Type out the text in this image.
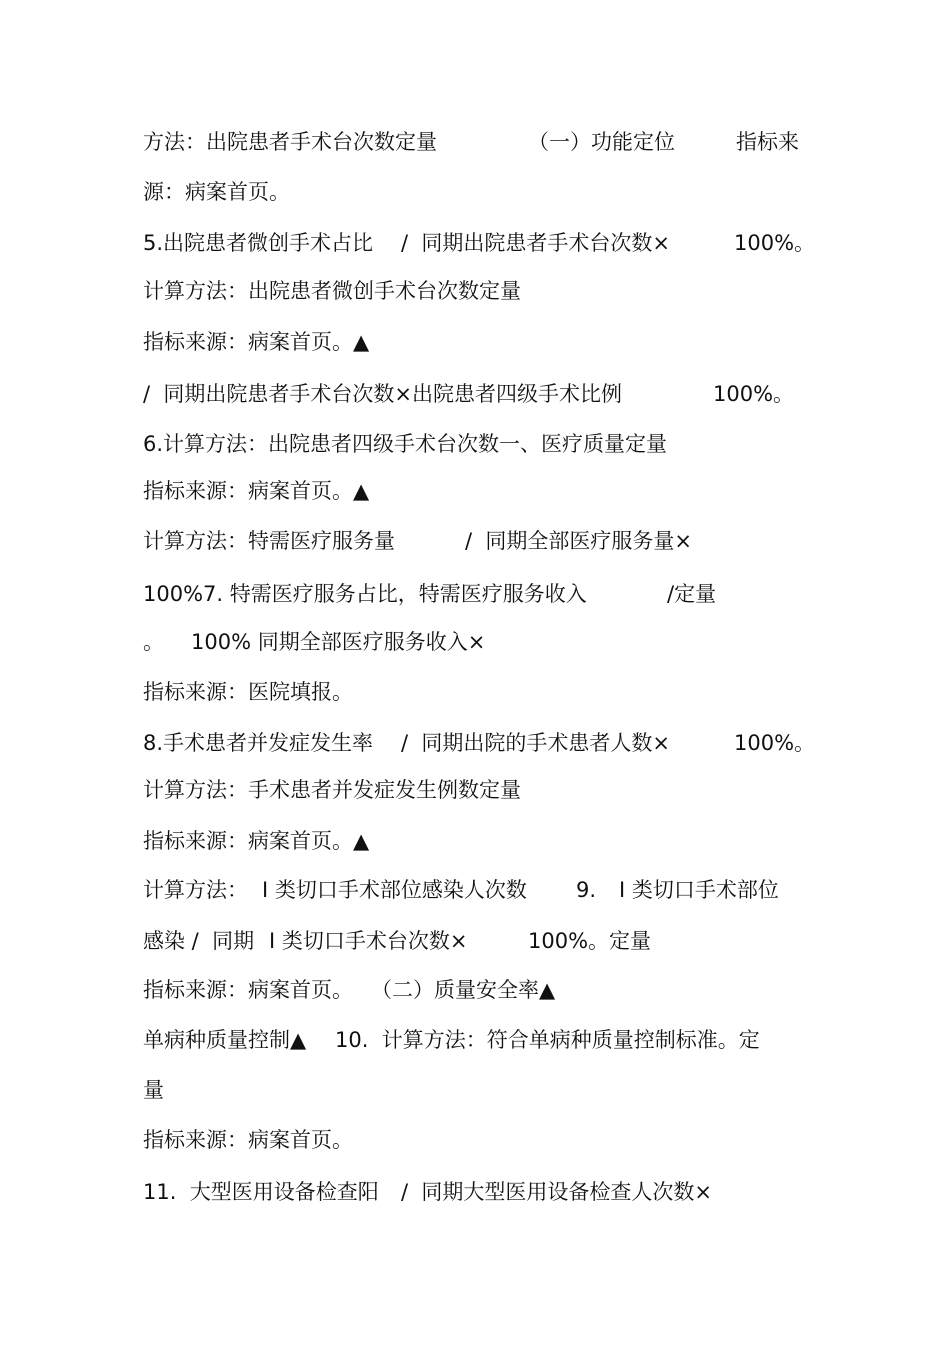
方法：出院患者手术台次数定量

	（一）功能定位

	指标来

源：病案首页。

5.出院患者微创手术占比

/  同期出院患者手术台次数×

	100%。

计算方法：出院患者微创手术台次数定量

指标来源：病案首页。▲

/  同期出院患者手术台次数×出院患者四级手术比例

	100%。

6.计算方法：出院患者四级手术台次数一、医疗质量定量

指标来源：病案首页。▲

计算方法：特需医疗服务量

	/  同期全部医疗服务量×

100%7. 特需医疗服务占比，特需医疗服务收入

	/定量

。

100% 同期全部医疗服务收入×

指标来源：医院填报。

8.手术患者并发症发生率

/  同期出院的手术患者人数×

	100%。

计算方法：手术患者并发症发生例数定量

指标来源：病案首页。▲

计算方法：

Ⅰ 类切口手术部位感染人次数

9.

Ⅰ 类切口手术部位

感染 /  同期

Ⅰ 类切口手术台次数×

	100%。定量

指标来源：病案首页。

（二）质量安全率▲

单病种质量控制▲

10.  计算方法：符合单病种质量控制标准。定

量

指标来源：病案首页。

11.  大型医用设备检查阳

/  同期大型医用设备检查人次数×
